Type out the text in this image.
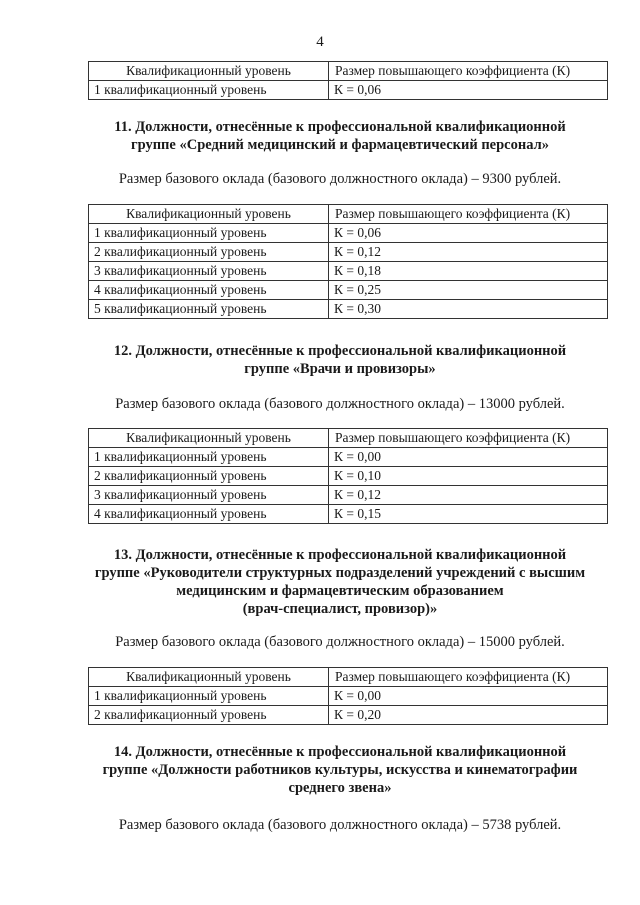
4
Квалификационный уровень	Размер повышающего коэффициента (К)
1 квалификационный уровень	К = 0,06

11. Должности, отнесённые к профессиональной квалификационной

группе «Средний медицинский и фармацевтический персонал»

Размер базового оклада (базового должностного оклада) – 9300 рублей.

Квалификационный уровень	Размер повышающего коэффициента (К)
1 квалификационный уровень	К = 0,06
2 квалификационный уровень	К = 0,12
3 квалификационный уровень	К = 0,18
4 квалификационный уровень	К = 0,25
5 квалификационный уровень	К = 0,30

12. Должности, отнесённые к профессиональной квалификационной

группе «Врачи и провизоры»

Размер базового оклада (базового должностного оклада) – 13000 рублей.

Квалификационный уровень	Размер повышающего коэффициента (К)
1 квалификационный уровень	К = 0,00
2 квалификационный уровень	К = 0,10
3 квалификационный уровень	К = 0,12
4 квалификационный уровень	К = 0,15

13. Должности, отнесённые к профессиональной квалификационной

группе «Руководители структурных подразделений учреждений с высшим

медицинским и фармацевтическим образованием

(врач-специалист, провизор)»

Размер базового оклада (базового должностного оклада) – 15000 рублей.

Квалификационный уровень	Размер повышающего коэффициента (К)
1 квалификационный уровень	К = 0,00
2 квалификационный уровень	К = 0,20

14. Должности, отнесённые к профессиональной квалификационной

группе «Должности работников культуры, искусства и кинематографии

среднего звена»

Размер базового оклада (базового должностного оклада) – 5738 рублей.
